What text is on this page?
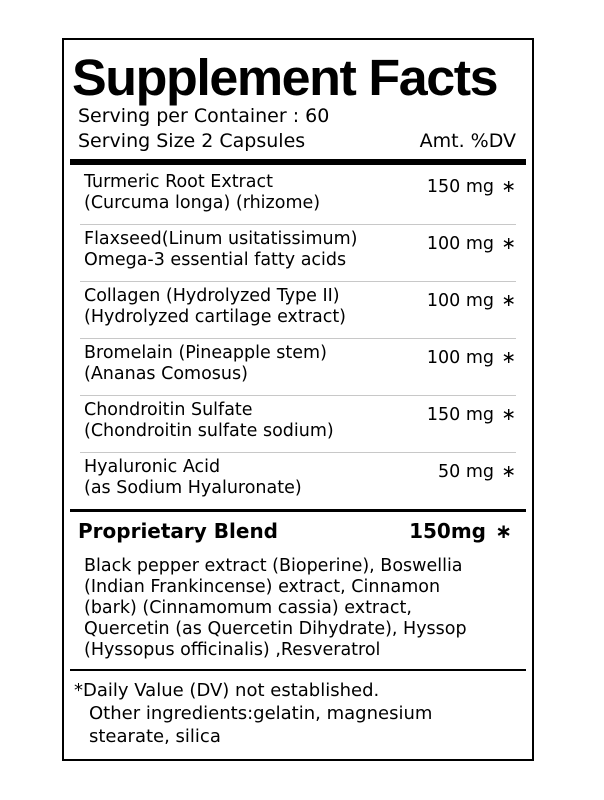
Supplement Facts
Serving per Container : 60
Serving Size 2 Capsules	Amt. %DV
Turmeric Root Extract
(Curcuma longa) (rhizome)
150 mg ∗
Flaxseed(Linum usitatissimum)
Omega-3 essential fatty acids
100 mg ∗
Collagen (Hydrolyzed Type II)
(Hydrolyzed cartilage extract)
100 mg ∗
Bromelain (Pineapple stem)
(Ananas Comosus)
100 mg ∗
Chondroitin Sulfate
(Chondroitin sulfate sodium)
150 mg ∗
Hyaluronic Acid
(as Sodium Hyaluronate)
50 mg ∗
Proprietary Blend	150mg ∗
Black pepper extract (Bioperine), Boswellia
(Indian Frankincense) extract, Cinnamon
(bark) (Cinnamomum cassia) extract,
Quercetin (as Quercetin Dihydrate), Hyssop
(Hyssopus officinalis) ,Resveratrol
*Daily Value (DV) not established.
Other ingredients:gelatin, magnesium
stearate, silica
